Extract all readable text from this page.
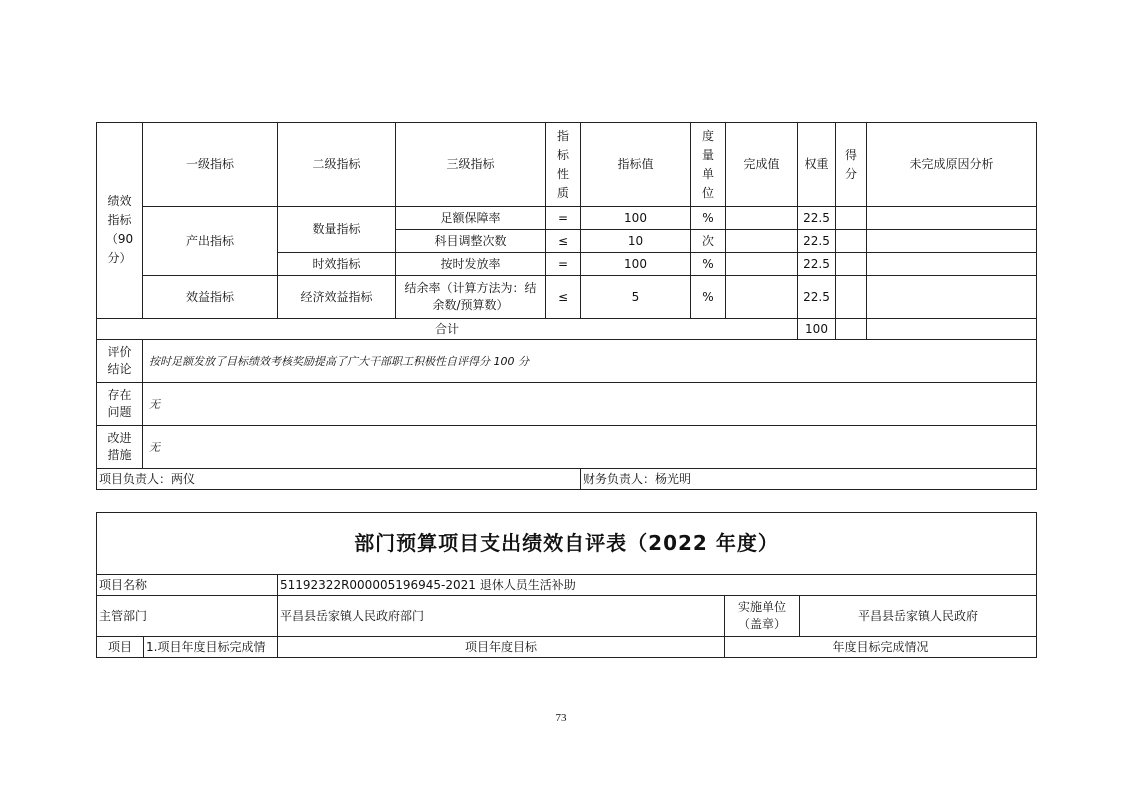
绩效
指标
（90
分）	一级指标	二级指标	三级指标	指
标
性
质	指标值	度
量
单
位	完成值	权重	得
分	未完成原因分析
	产出指标	数量指标	足额保障率	=	100	%		22.5		
			科目调整次数	≤	10	次		22.5		
		时效指标	按时发放率	=	100	%		22.5		
	效益指标	经济效益指标	结余率（计算方法为：结
余数/预算数）	≤	5	%		22.5		
合计								100		
评价
结论	按时足额发放了目标绩效考核奖励提高了广大干部职工积极性自评得分 100 分									
存在
问题	无									
改进
措施	无									
项目负责人：两仪					财务负责人：杨光明					
部门预算项目支出绩效自评表（2022 年度）				
项目名称		51192322R000005196945-2021 退休人员生活补助		
主管部门		平昌县岳家镇人民政府部门	实施单位
（盖章）	平昌县岳家镇人民政府
项目	1.项目年度目标完成情	项目年度目标	年度目标完成情况	
73
